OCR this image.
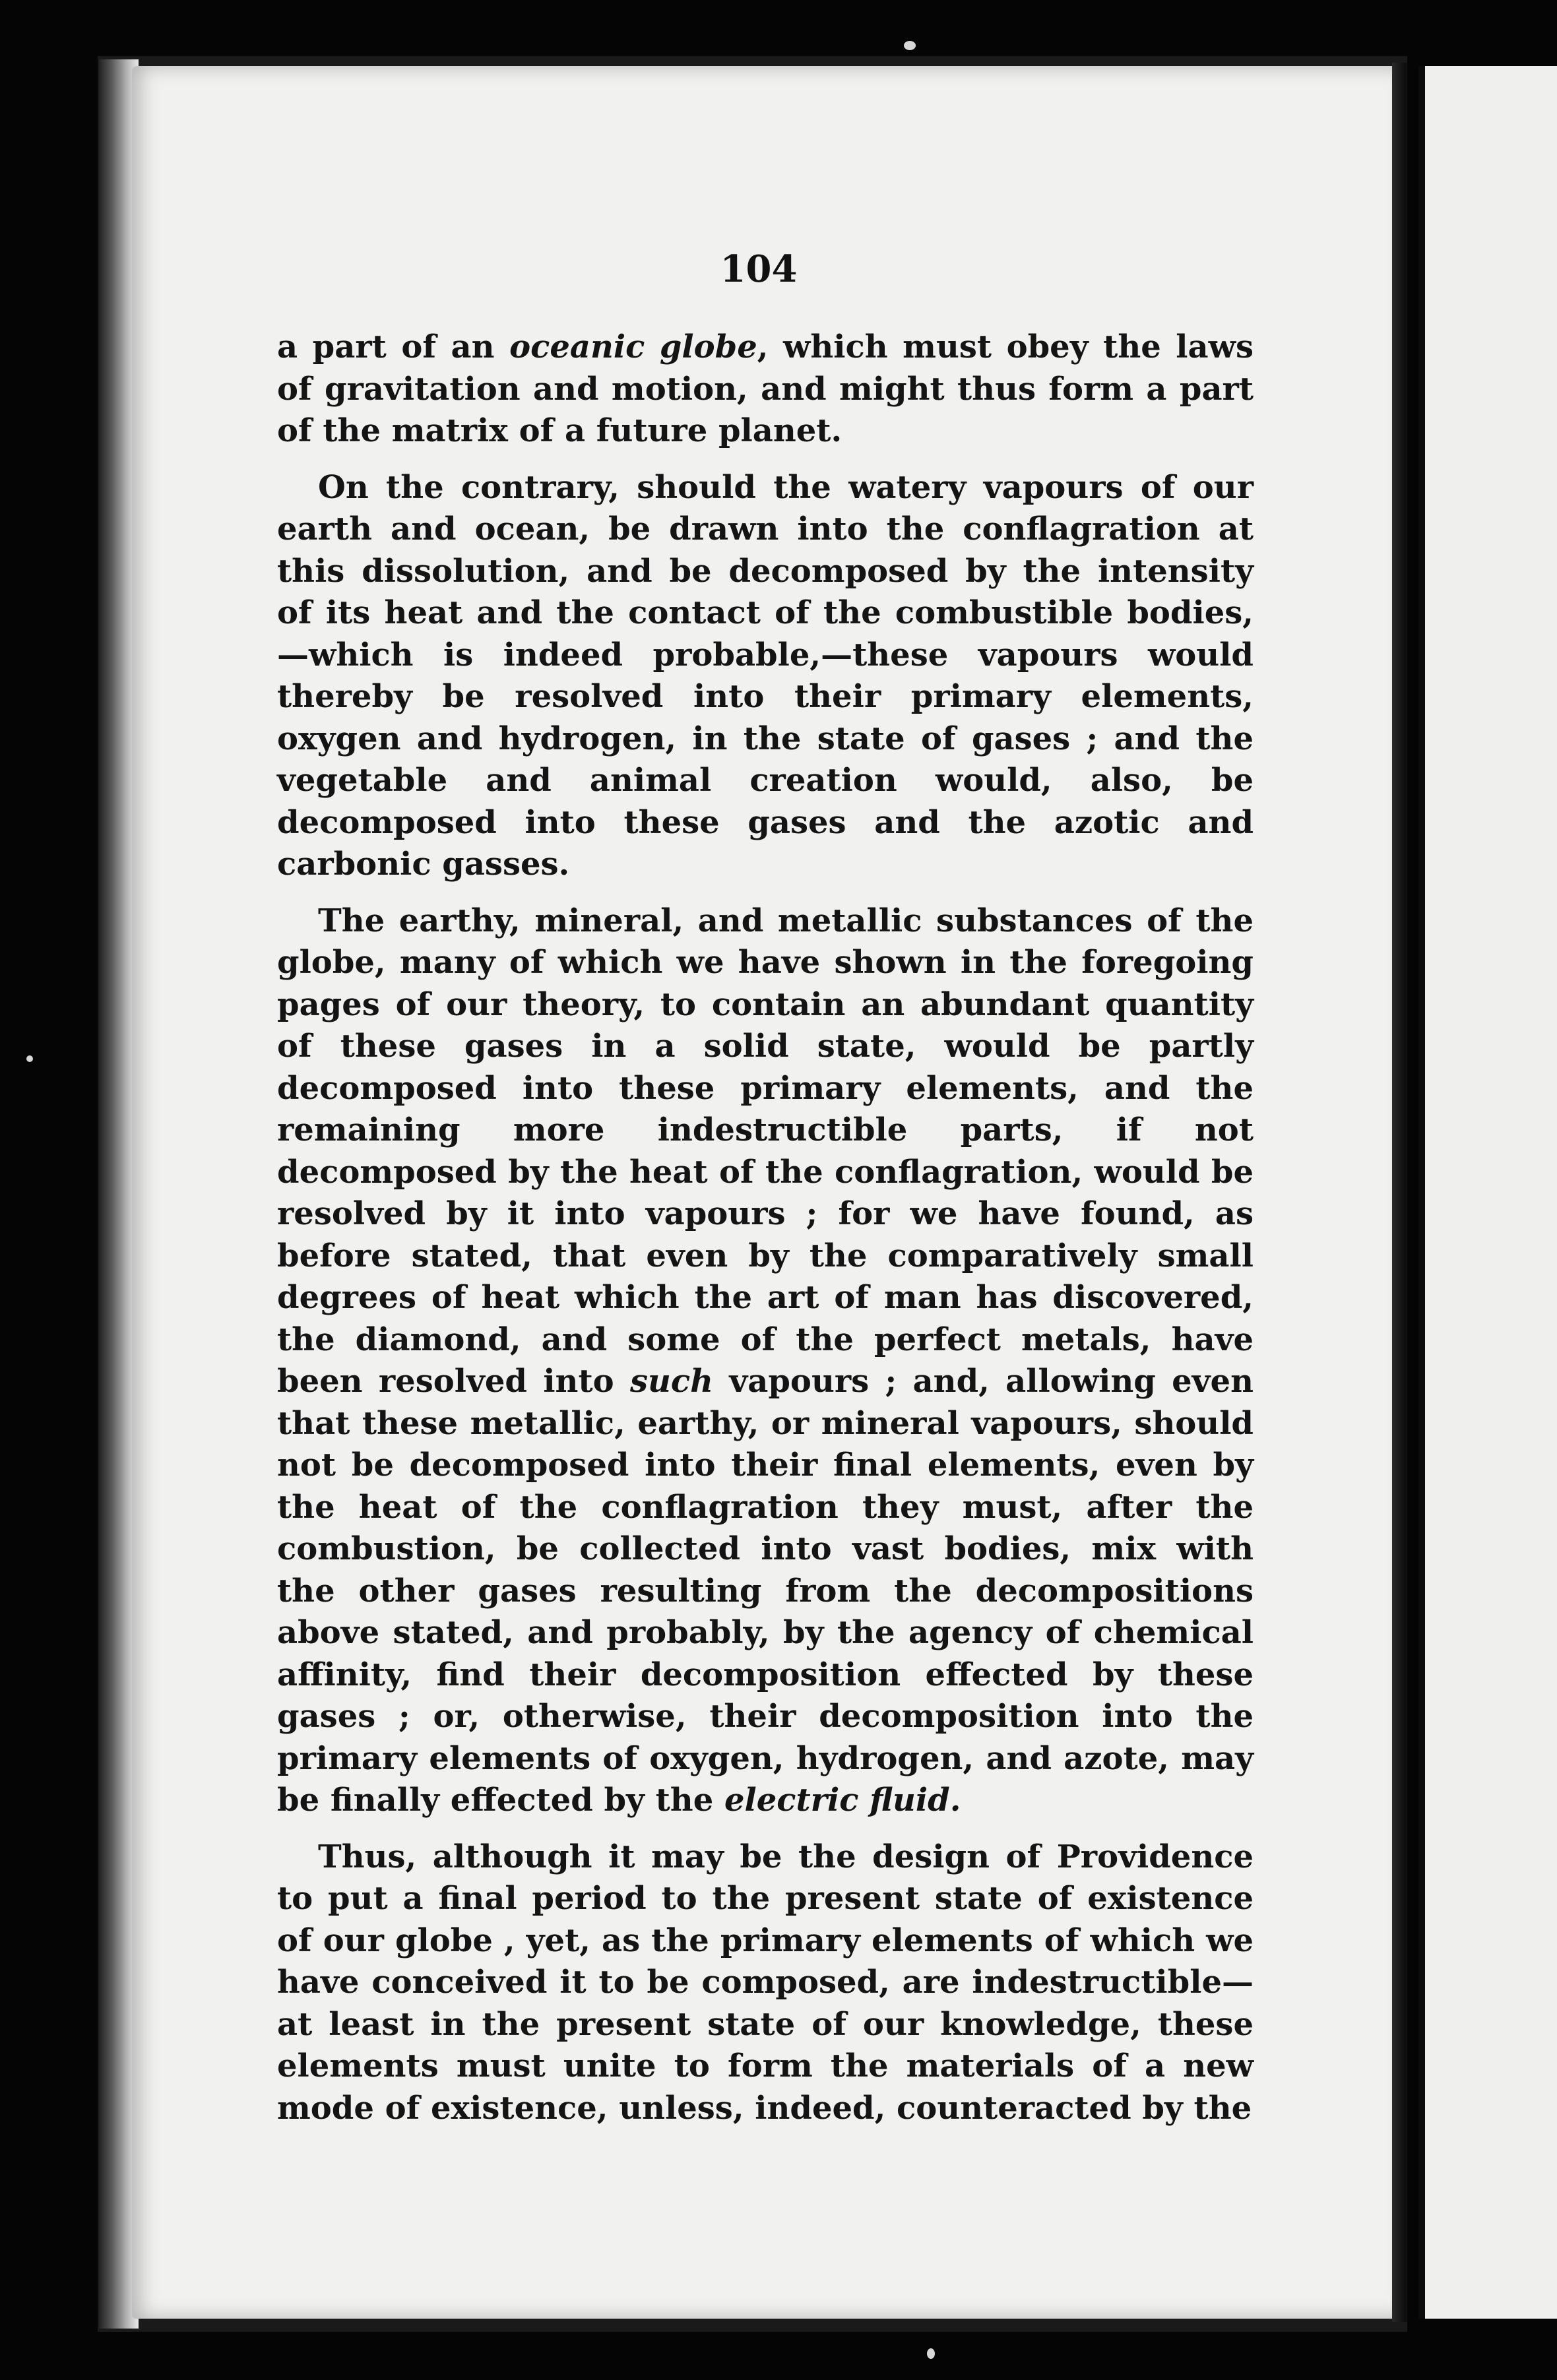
104

a part of an oceanic globe, which must obey the laws of gravitation and motion, and might thus form a part of the matrix of a future planet.

On the contrary, should the watery vapours of our earth and ocean, be drawn into the conflagration at this dissolution, and be decomposed by the intensity of its heat and the contact of the combustible bodies,—which is indeed probable,—these vapours would thereby be resolved into their primary elements, oxygen and hydrogen, in the state of gases ; and the vegetable and animal creation would, also, be decomposed into these gases and the azotic and carbonic gasses.

The earthy, mineral, and metallic substances of the globe, many of which we have shown in the foregoing pages of our theory, to contain an abundant quantity of these gases in a solid state, would be partly decomposed into these primary elements, and the remaining more indestructible parts, if not decomposed by the heat of the conflagration, would be resolved by it into vapours ; for we have found, as before stated, that even by the comparatively small degrees of heat which the art of man has discovered, the diamond, and some of the perfect metals, have been resolved into such vapours ; and, allowing even that these metallic, earthy, or mineral vapours, should not be decomposed into their final elements, even by the heat of the conflagration they must, after the combustion, be collected into vast bodies, mix with the other gases resulting from the decompositions above stated, and probably, by the agency of chemical affinity, find their decomposition effected by these gases ; or, otherwise, their decomposition into the primary elements of oxygen, hydrogen, and azote, may be finally effected by the electric fluid.

Thus, although it may be the design of Providence to put a final period to the present state of existence of our globe , yet, as the primary elements of which we have conceived it to be composed, are indestructible—at least in the present state of our knowledge, these elements must unite to form the materials of a new mode of existence, unless, indeed, counteracted by the
